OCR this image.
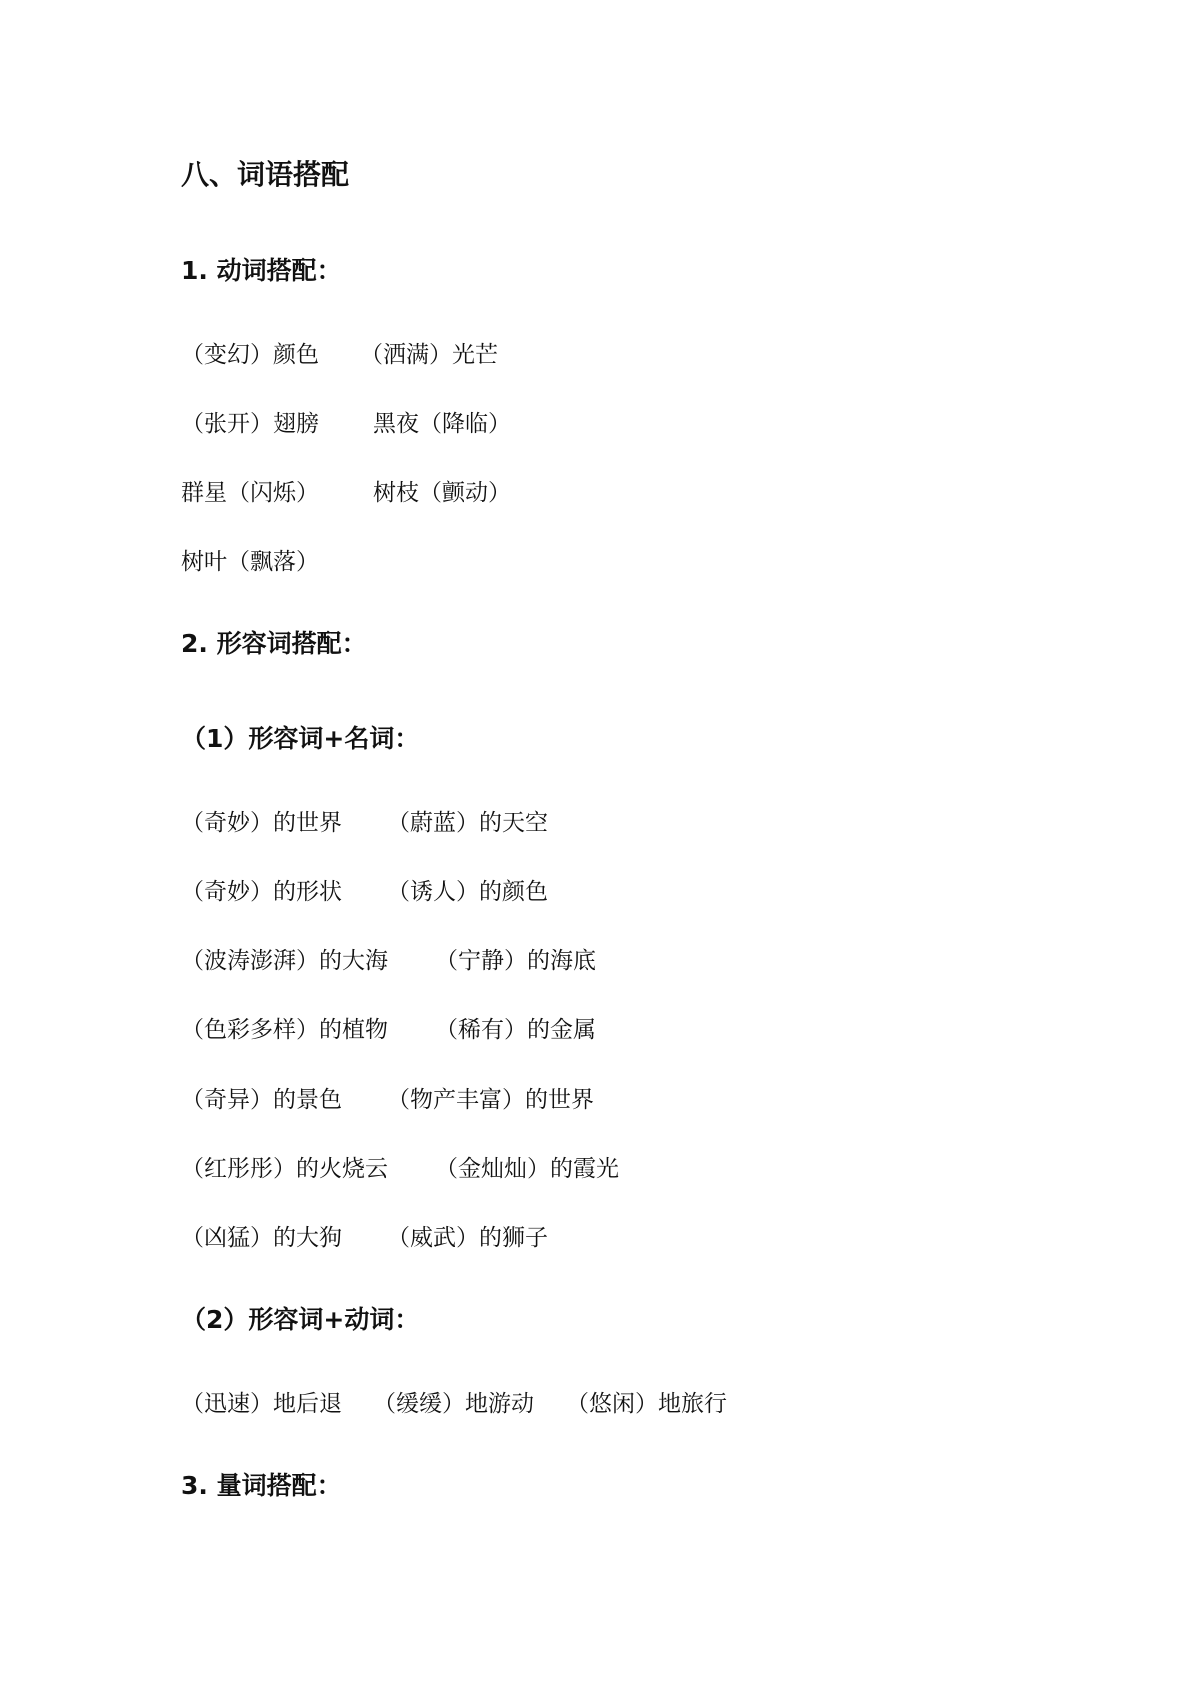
八、词语搭配
1. 动词搭配：

（变幻）颜色

（洒满）光芒

（张开）翅膀

黑夜（降临）

群星（闪烁）

树枝（颤动）

树叶（飘落）

2. 形容词搭配：
（1）形容词+名词：

（奇妙）的世界

（蔚蓝）的天空

（奇妙）的形状

（诱人）的颜色

（波涛澎湃）的大海

（宁静）的海底

（色彩多样）的植物

（稀有）的金属

（奇异）的景色

（物产丰富）的世界

（红彤彤）的火烧云

（金灿灿）的霞光

（凶猛）的大狗

（威武）的狮子

（2）形容词+动词：

（迅速）地后退

（缓缓）地游动

（悠闲）地旅行

3. 量词搭配：
